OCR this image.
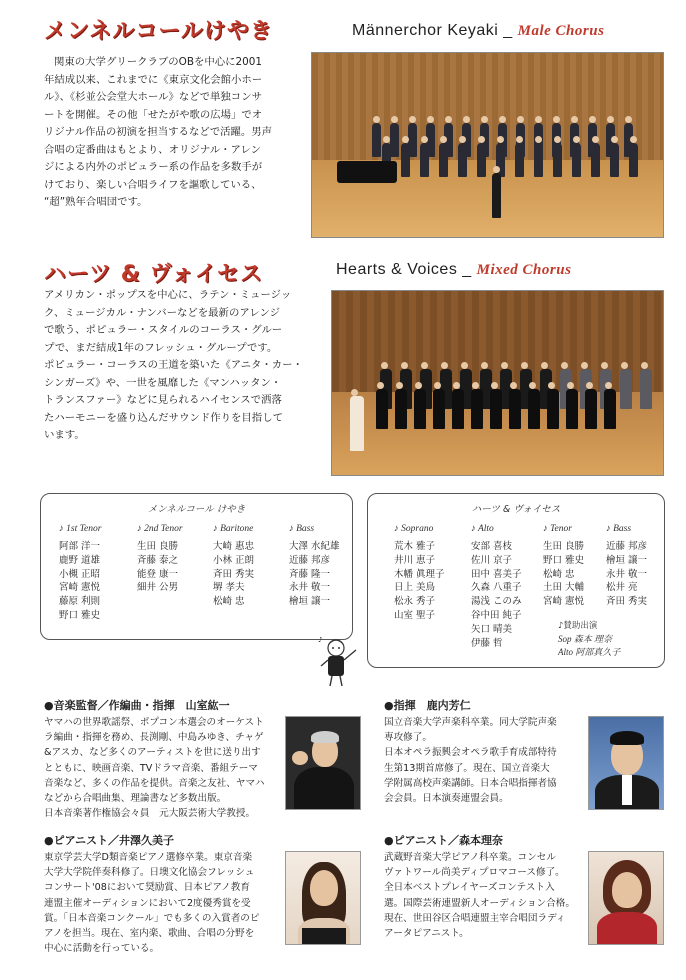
メンネルコールけやき	Männerchor Keyaki _ Male Chorus
関東の大学グリークラブのOBを中心に2001
年結成以来、これまでに《東京文化会館小ホー
ル》、《杉並公会堂大ホール》などで単独コンサ
ートを開催。その他「せたがや歌の広場」でオ
リジナル作品の初演を担当するなどで活躍。男声
合唱の定番曲はもとより、オリジナル・アレン
ジによる内外のポピュラー系の作品を多数手が
けており、楽しい合唱ライフを謳歌している、
“超”熟年合唱団です。
ハーツ & ヴォイセス	Hearts & Voices _ Mixed Chorus
アメリカン・ポップスを中心に、ラテン・ミュージッ
ク、ミュージカル・ナンバーなどを最新のアレンジ
で歌う、ポピュラー・スタイルのコーラス・グルー
プで、まだ結成1年のフレッシュ・グループです。
ポピュラー・コーラスの王道を築いた《アニタ・カー・
シンガーズ》や、一世を風靡した《マンハッタン・
トランスファー》などに見られるハイセンスで洒落
たハーモニーを盛り込んだサウンド作りを目指して
います。
メンネルコール けやき
♪ 1st Tenor
阿部 洋一
鹿野 道雄
小槻 正昭
宮崎 憲悦
藤原 利則
野口 雅史
♪ 2nd Tenor
生田 良勝
斉藤 泰之
能登 康一
細井 公男
♪ Baritone
大崎 惠忠
小林 正朗
斉田 秀実
堺 孝夫
松崎 忠
♪ Bass
大澤 水紀雄
近藤 邦彦
斉藤 隆一
永井 敬一
檜垣 譲一
ハーツ & ヴォイセス
♪ Soprano
荒木 雅子
井川 恵子
木幡 眞理子
日上 美鳥
松永 秀子
山室 聖子
♪ Alto
安部 喜枝
佐川 京子
田中 喜美子
久森 八重子
湯浅 このみ
谷中田 純子
矢口 晴美
伊藤 哲
♪ Tenor
生田 良勝
野口 雅史
松崎 忠
土田 大輔
宮崎 憲悦
♪ Bass
近藤 邦彦
檜垣 譲一
永井 敬一
松井 亮
斉田 秀実
♪賛助出演
Sop 森本 理奈
Alto 阿部真久子
♪
●音楽監督／作編曲・指揮　山室紘一
ヤマハの世界歌謡祭、ポプコン本選会のオーケスト
ラ編曲・指揮を務め、長渕剛、中島みゆき、チャゲ
&アスカ、など多くのアーティストを世に送り出す
とともに、映画音楽、TVドラマ音楽、番組テーマ
音楽など、多くの作品を提供。音楽之友社、ヤマハ
などから合唱曲集、理論書など多数出版。
日本音楽著作権協会々員　元大阪芸術大学教授。
●指揮　鹿内芳仁
国立音楽大学声楽科卒業。同大学院声楽
専攻修了。
日本オペラ振興会オペラ歌手育成部特待
生第13期首席修了。現在、国立音楽大
学附属高校声楽講師。日本合唱指揮者協
会会員。日本演奏連盟会員。
●ピアニスト／井澤久美子
東京学芸大学D類音楽ピアノ選修卒業。東京音楽
大学大学院伴奏科修了。日墺文化協会フレッシュ
コンサート'08において奨励賞、日本ピアノ教育
連盟主催オーディションにおいて2度優秀賞を受
賞。「日本音楽コンクール」でも多くの入賞者のピ
アノを担当。現在、室内楽、歌曲、合唱の分野を
中心に活動を行っている。
●ピアニスト／森本理奈
武蔵野音楽大学ピアノ科卒業。コンセル
ヴァトワール尚美ディプロマコース修了。
全日本ベストプレイヤーズコンテスト入
選。国際芸術連盟新人オーディション合格。
現在、世田谷区合唱連盟主宰合唱団ラディ
アータピアニスト。
